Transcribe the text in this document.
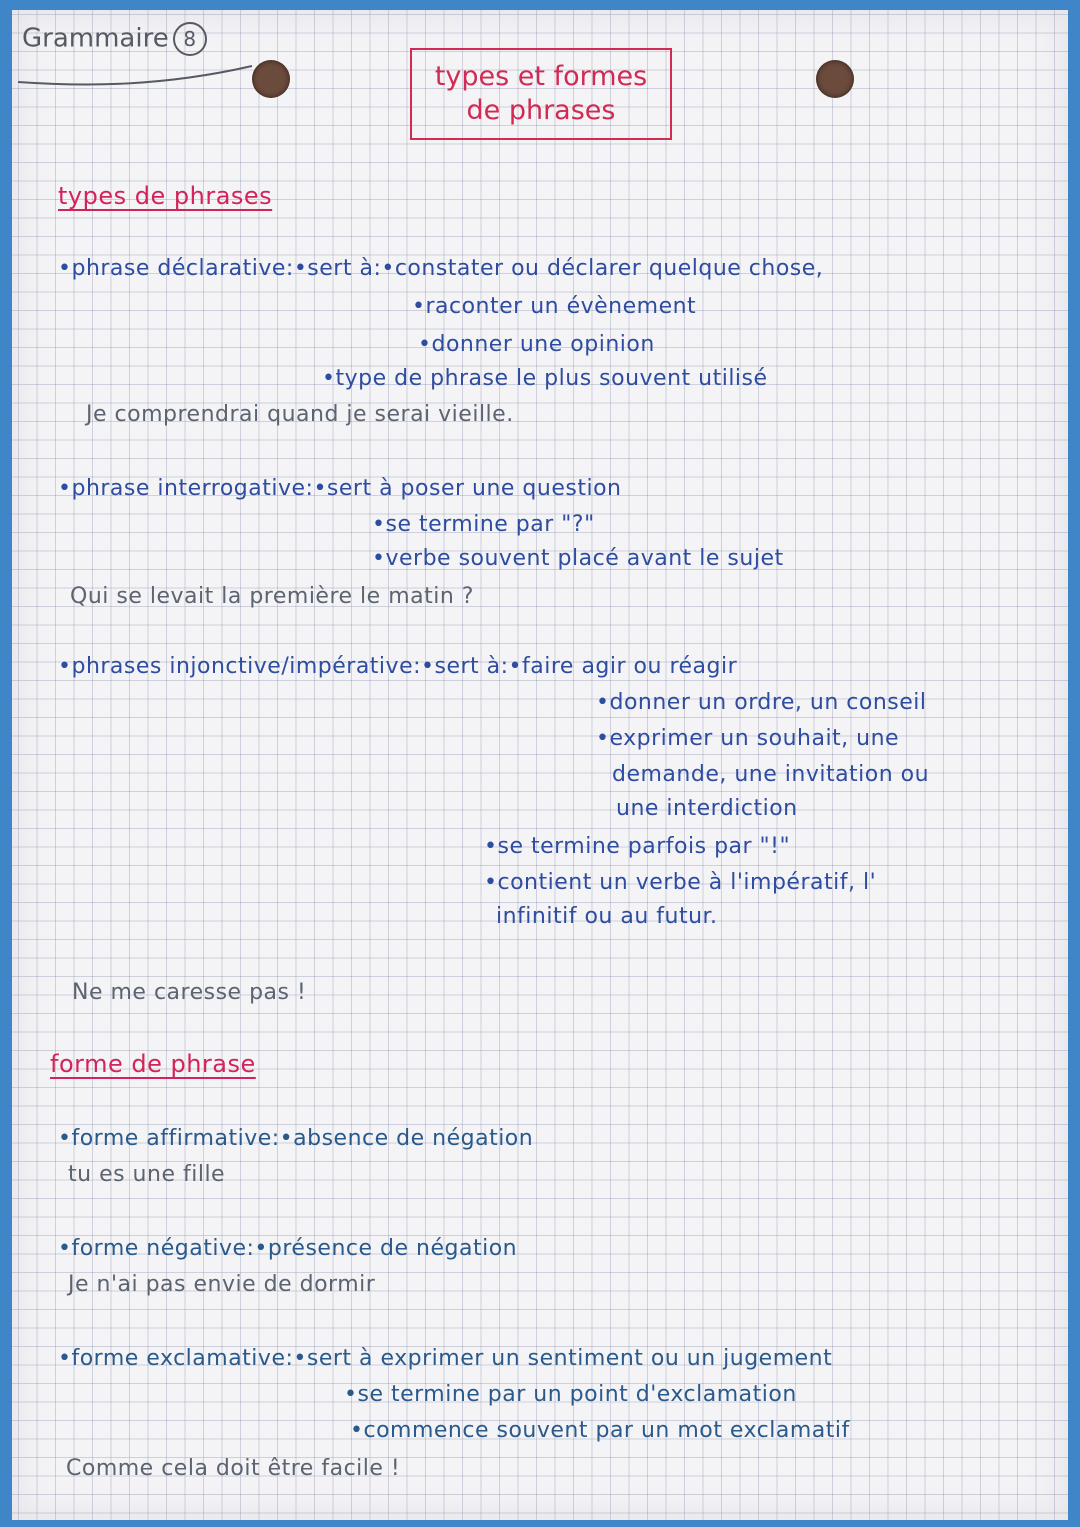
Grammaire 8
types et formes
de phrases
types de phrases
•phrase déclarative:•sert à:•constater ou déclarer quelque chose,
•raconter un évènement
•donner une opinion
•type de phrase le plus souvent utilisé
Je comprendrai quand je serai vieille.
•phrase interrogative:•sert à poser une question
•se termine par "?"
•verbe souvent placé avant le sujet
Qui se levait la première le matin ?
•phrases injonctive/impérative:•sert à:•faire agir ou réagir
•donner un ordre, un conseil
•exprimer un souhait, une
demande, une invitation ou
une interdiction
•se termine parfois par "!"
•contient un verbe à l'impératif, l'
infinitif ou au futur.
Ne me caresse pas !
forme de phrase
•forme affirmative:•absence de négation
tu es une fille
•forme négative:•présence de négation
Je n'ai pas envie de dormir
•forme exclamative:•sert à exprimer un sentiment ou un jugement
•se termine par un point d'exclamation
•commence souvent par un mot exclamatif
Comme cela doit être facile !
